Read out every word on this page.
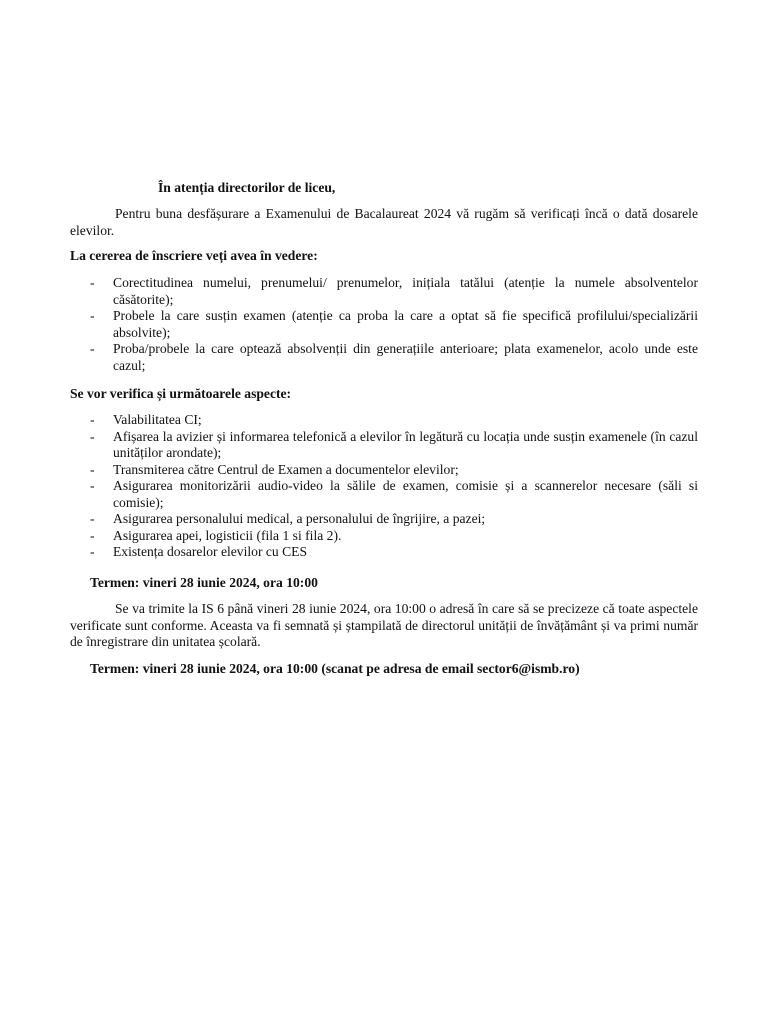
În atenția directorilor de liceu,
Pentru buna desfășurare a Examenului de Bacalaureat 2024 vă rugăm să verificați încă o dată dosarele elevilor.
La cererea de înscriere veți avea în vedere:
- Corectitudinea numelui, prenumelui/ prenumelor, inițiala tatălui (atenție la numele absolventelor căsătorite);
- Probele la care susțin examen (atenție ca proba la care a optat să fie specifică profilului/specializării absolvite);
- Proba/probele la care optează absolvenții din generațiile anterioare; plata examenelor, acolo unde este cazul;
Se vor verifica și următoarele aspecte:
- Valabilitatea CI;
- Afișarea la avizier și informarea telefonică a elevilor în legătură cu locația unde susțin examenele (în cazul unităților arondate);
- Transmiterea către Centrul de Examen a documentelor elevilor;
- Asigurarea monitorizării audio-video la sălile de examen, comisie și a scannerelor necesare (săli si comisie);
- Asigurarea personalului medical, a personalului de îngrijire, a pazei;
- Asigurarea apei, logisticii (fila 1 si fila 2).
- Existența dosarelor elevilor cu CES
Termen: vineri 28 iunie 2024, ora 10:00
Se va trimite la IS 6 până vineri 28 iunie 2024, ora 10:00 o adresă în care să se precizeze că toate aspectele verificate sunt conforme. Aceasta va fi semnată și ștampilată de directorul unității de învățământ și va primi număr de înregistrare din unitatea școlară.
Termen: vineri 28 iunie 2024, ora 10:00 (scanat pe adresa de email sector6@ismb.ro)
